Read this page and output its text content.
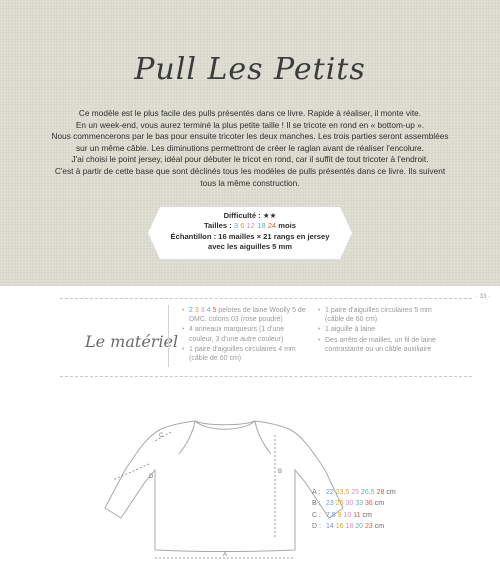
Pull Les Petits

Ce modèle est le plus facile des pulls présentés dans ce livre. Rapide à réaliser, il monte vite.

En un week-end, vous aurez terminé la plus petite taille ! Il se tricote en rond en « bottom-up ».

Nous commencerons par le bas pour ensuite tricoter les deux manches. Les trois parties seront assemblées

sur un même câble. Les diminutions permettront de créer le raglan avant de réaliser l'encolure.

J'ai choisi le point jersey, idéal pour débuter le tricot en rond, car il suffit de tout tricoter à l'endroit.

C'est à partir de cette base que sont déclinés tous les modèles de pulls présentés dans ce livre. Ils suivent

tous la même construction.

Difficulté : ★★
Tailles : 3 6 12 18 24 mois
Échantillon : 16 mailles × 21 rangs en jersey
avec les aiguilles 5 mm
· 33 ·
Le matériel
• 2 3 3 4 5 pelotes de laine Woolly 5 de DMC, coloris 03 (rose poudré)
• 4 anneaux marqueurs (1 d'une couleur, 3 d'une autre couleur)
• 1 paire d'aiguilles circulaires 4 mm (câble de 60 cm)
• 1 paire d'aiguilles circulaires 5 mm (câble de 60 cm)
• 1 aiguille à laine
• Des arrêts de mailles, un fil de laine contrastante ou un câble auxiliaire
A
B
C
D
A : 22 23,5 25 26,5 28 cm
B : 23 26 30 33 36 cm
C : 7,8 9 10 11 cm
D : 14 16 18 20 23 cm
